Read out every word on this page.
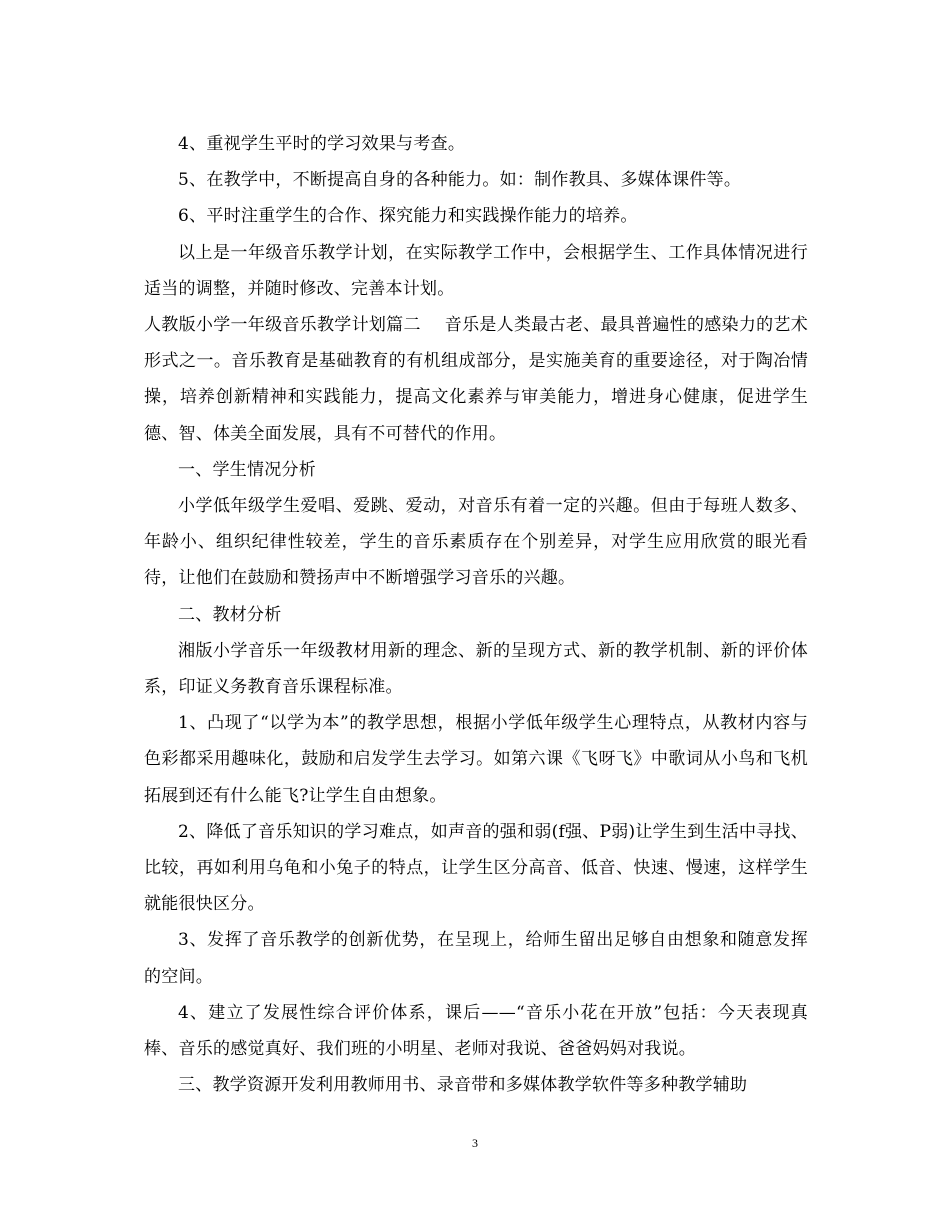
4、重视学生平时的学习效果与考查。

5、在教学中，不断提高自身的各种能力。如：制作教具、多媒体课件等。

6、平时注重学生的合作、探究能力和实践操作能力的培养。

以上是一年级音乐教学计划，在实际教学工作中，会根据学生、工作具体情况进行适当的调整，并随时修改、完善本计划。

人教版小学一年级音乐教学计划篇二 音乐是人类最古老、最具普遍性的感染力的艺术形式之一。音乐教育是基础教育的有机组成部分，是实施美育的重要途径，对于陶冶情操，培养创新精神和实践能力，提高文化素养与审美能力，增进身心健康，促进学生德、智、体美全面发展，具有不可替代的作用。

一、学生情况分析

小学低年级学生爱唱、爱跳、爱动，对音乐有着一定的兴趣。但由于每班人数多、年龄小、组织纪律性较差，学生的音乐素质存在个别差异，对学生应用欣赏的眼光看待，让他们在鼓励和赞扬声中不断增强学习音乐的兴趣。

二、教材分析

湘版小学音乐一年级教材用新的理念、新的呈现方式、新的教学机制、新的评价体系，印证义务教育音乐课程标准。

1、凸现了“以学为本”的教学思想，根据小学低年级学生心理特点，从教材内容与色彩都采用趣味化，鼓励和启发学生去学习。如第六课《飞呀飞》中歌词从小鸟和飞机拓展到还有什么能飞?让学生自由想象。

2、降低了音乐知识的学习难点，如声音的强和弱(f强、P弱)让学生到生活中寻找、比较，再如利用乌龟和小兔子的特点，让学生区分高音、低音、快速、慢速，这样学生就能很快区分。

3、发挥了音乐教学的创新优势，在呈现上，给师生留出足够自由想象和随意发挥的空间。

4、建立了发展性综合评价体系，课后——“音乐小花在开放”包括：今天表现真棒、音乐的感觉真好、我们班的小明星、老师对我说、爸爸妈妈对我说。

三、教学资源开发利用教师用书、录音带和多媒体教学软件等多种教学辅助

3
